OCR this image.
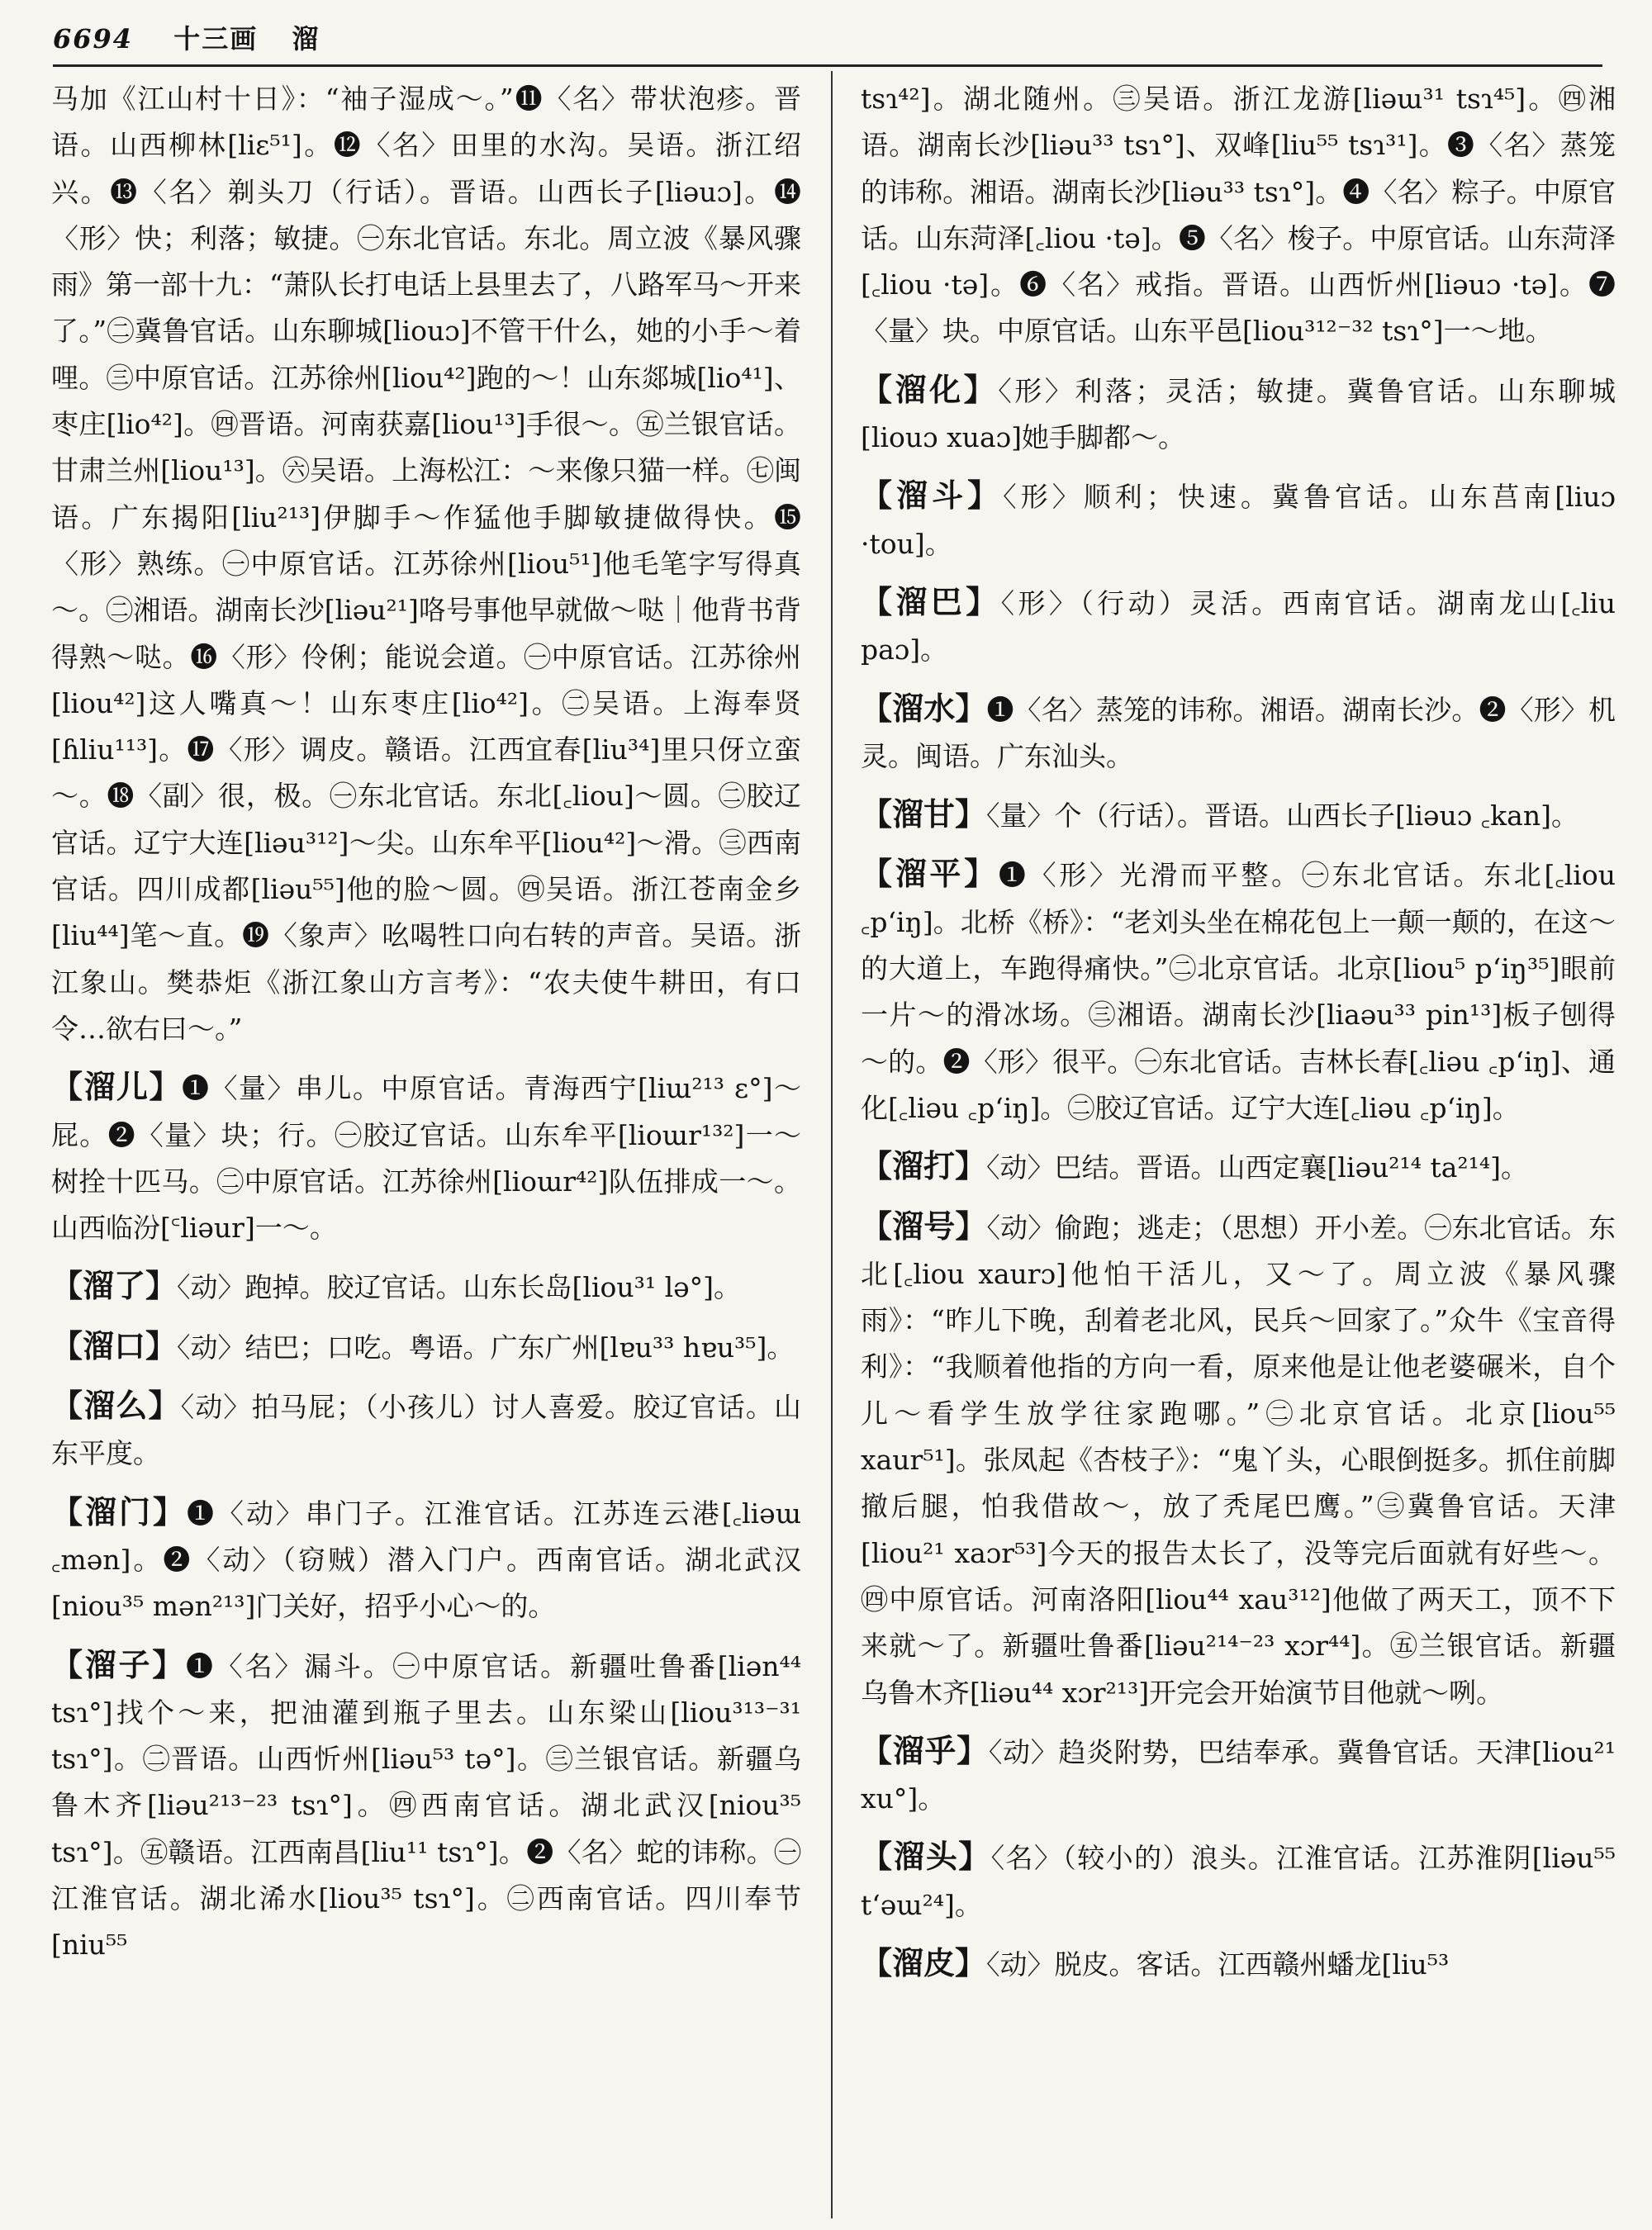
6694 十三画 溜

马加《江山村十日》：“袖子湿成～。”⓫〈名〉带状泡疹。晋语。山西柳林[liɛ⁵¹]。⓬〈名〉田里的水沟。吴语。浙江绍兴。⓭〈名〉剃头刀（行话）。晋语。山西长子[liəuɔ]。⓮〈形〉快；利落；敏捷。㊀东北官话。东北。周立波《暴风骤雨》第一部十九：“萧队长打电话上县里去了，八路军马～开来了。”㊁冀鲁官话。山东聊城[liouɔ]不管干什么，她的小手～着哩。㊂中原官话。江苏徐州[liou⁴²]跑的～！山东郯城[lio⁴¹]、枣庄[lio⁴²]。㊃晋语。河南获嘉[liou¹³]手很～。㊄兰银官话。甘肃兰州[liou¹³]。㊅吴语。上海松江：～来像只猫一样。㊆闽语。广东揭阳[liu²¹³]伊脚手～作猛他手脚敏捷做得快。⓯〈形〉熟练。㊀中原官话。江苏徐州[liou⁵¹]他毛笔字写得真～。㊁湘语。湖南长沙[liəu²¹]咯号事他早就做～哒｜他背书背得熟～哒。⓰〈形〉伶俐；能说会道。㊀中原官话。江苏徐州[liou⁴²]这人嘴真～！山东枣庄[lio⁴²]。㊁吴语。上海奉贤[ɦliu¹¹³]。⓱〈形〉调皮。赣语。江西宜春[liu³⁴]里只伢立蛮～。⓲〈副〉很，极。㊀东北官话。东北[꜀liou]～圆。㊁胶辽官话。辽宁大连[liəu³¹²]～尖。山东牟平[liou⁴²]～滑。㊂西南官话。四川成都[liəu⁵⁵]他的脸～圆。㊃吴语。浙江苍南金乡[liu⁴⁴]笔～直。⓳〈象声〉吆喝牲口向右转的声音。吴语。浙江象山。樊恭炬《浙江象山方言考》：“农夫使牛耕田，有口令…欲右曰～。”

【溜儿】❶〈量〉串儿。中原官话。青海西宁[liɯ²¹³ ɛ°]～屁。❷〈量〉块；行。㊀胶辽官话。山东牟平[lioɯr¹³²]一～树拴十匹马。㊁中原官话。江苏徐州[lioɯr⁴²]队伍排成一～。山西临汾[꜂liəur]一～。

【溜了】〈动〉跑掉。胶辽官话。山东长岛[liou³¹ lə°]。

【溜口】〈动〉结巴；口吃。粤语。广东广州[lɐu³³ hɐu³⁵]。

【溜么】〈动〉拍马屁；（小孩儿）讨人喜爱。胶辽官话。山东平度。

【溜门】❶〈动〉串门子。江淮官话。江苏连云港[꜀liəɯ ꜀mən]。❷〈动〉（窃贼）潜入门户。西南官话。湖北武汉[niou³⁵ mən²¹³]门关好，招乎小心～的。

【溜子】❶〈名〉漏斗。㊀中原官话。新疆吐鲁番[liən⁴⁴ tsɿ°]找个～来，把油灌到瓶子里去。山东梁山[liou³¹³⁻³¹ tsɿ°]。㊁晋语。山西忻州[liəu⁵³ tə°]。㊂兰银官话。新疆乌鲁木齐[liəu²¹³⁻²³ tsɿ°]。㊃西南官话。湖北武汉[niou³⁵ tsɿ°]。㊄赣语。江西南昌[liu¹¹ tsɿ°]。❷〈名〉蛇的讳称。㊀江淮官话。湖北浠水[liou³⁵ tsɿ°]。㊁西南官话。四川奉节[niu⁵⁵

tsɿ⁴²]。湖北随州。㊂吴语。浙江龙游[liəɯ³¹ tsɿ⁴⁵]。㊃湘语。湖南长沙[liəu³³ tsɿ°]、双峰[liu⁵⁵ tsɿ³¹]。❸〈名〉蒸笼的讳称。湘语。湖南长沙[liəu³³ tsɿ°]。❹〈名〉粽子。中原官话。山东菏泽[꜀liou ·tə]。❺〈名〉梭子。中原官话。山东菏泽[꜀liou ·tə]。❻〈名〉戒指。晋语。山西忻州[liəuɔ ·tə]。❼〈量〉块。中原官话。山东平邑[liou³¹²⁻³² tsɿ°]一～地。

【溜化】〈形〉利落；灵活；敏捷。冀鲁官话。山东聊城[liouɔ xuaɔ]她手脚都～。

【溜斗】〈形〉顺利；快速。冀鲁官话。山东莒南[liuɔ ·tou]。

【溜巴】〈形〉（行动）灵活。西南官话。湖南龙山[꜀liu paɔ]。

【溜水】❶〈名〉蒸笼的讳称。湘语。湖南长沙。❷〈形〉机灵。闽语。广东汕头。

【溜甘】〈量〉个（行话）。晋语。山西长子[liəuɔ ꜀kan]。

【溜平】❶〈形〉光滑而平整。㊀东北官话。东北[꜀liou ꜀p‘iŋ]。北桥《桥》：“老刘头坐在棉花包上一颠一颠的，在这～的大道上，车跑得痛快。”㊁北京官话。北京[liou⁵ p‘iŋ³⁵]眼前一片～的滑冰场。㊂湘语。湖南长沙[liaəu³³ pin¹³]板子刨得～的。❷〈形〉很平。㊀东北官话。吉林长春[꜀liəu ꜀p‘iŋ]、通化[꜀liəu ꜀p‘iŋ]。㊁胶辽官话。辽宁大连[꜀liəu ꜀p‘iŋ]。

【溜打】〈动〉巴结。晋语。山西定襄[liəu²¹⁴ ta²¹⁴]。

【溜号】〈动〉偷跑；逃走；（思想）开小差。㊀东北官话。东北[꜀liou xaurɔ]他怕干活儿，又～了。周立波《暴风骤雨》：“昨儿下晚，刮着老北风，民兵～回家了。”众牛《宝音得利》：“我顺着他指的方向一看，原来他是让他老婆碾米，自个儿～看学生放学往家跑哪。”㊁北京官话。北京[liou⁵⁵ xaur⁵¹]。张凤起《杏枝子》：“鬼丫头，心眼倒挺多。抓住前脚撤后腿，怕我借故～，放了秃尾巴鹰。”㊂冀鲁官话。天津[liou²¹ xaɔr⁵³]今天的报告太长了，没等完后面就有好些～。㊃中原官话。河南洛阳[liou⁴⁴ xau³¹²]他做了两天工，顶不下来就～了。新疆吐鲁番[liəu²¹⁴⁻²³ xɔr⁴⁴]。㊄兰银官话。新疆乌鲁木齐[liəu⁴⁴ xɔr²¹³]开完会开始演节目他就～咧。

【溜乎】〈动〉趋炎附势，巴结奉承。冀鲁官话。天津[liou²¹ xu°]。

【溜头】〈名〉（较小的）浪头。江淮官话。江苏淮阴[liəu⁵⁵ t‘əɯ²⁴]。

【溜皮】〈动〉脱皮。客话。江西赣州蟠龙[liu⁵³
